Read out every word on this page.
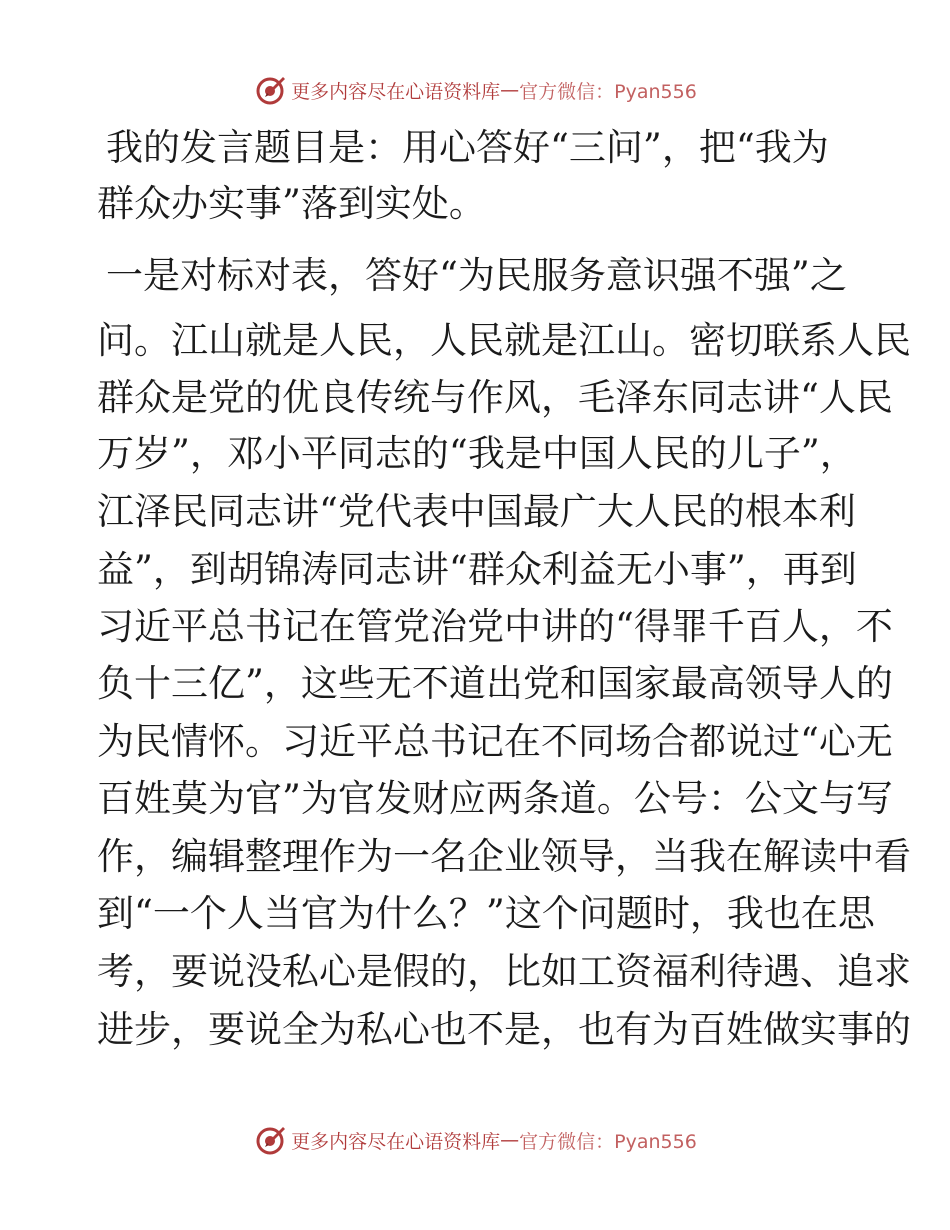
更多内容尽在心语资料库 — 官方微信：Pyan556
我的发言题目是：用心答好“三问”，把“我为
群众办实事”落到实处。
一是对标对表，答好“为民服务意识强不强”之
问。江山就是人民，人民就是江山。密切联系人民
群众是党的优良传统与作风，毛泽东同志讲“人民
万岁”，邓小平同志的“我是中国人民的儿子”，
江泽民同志讲“党代表中国最广大人民的根本利
益”，到胡锦涛同志讲“群众利益无小事”，再到
习近平总书记在管党治党中讲的“得罪千百人，不
负十三亿”，这些无不道出党和国家最高领导人的
为民情怀。习近平总书记在不同场合都说过“心无
百姓莫为官”为官发财应两条道。公号：公文与写
作，编辑整理作为一名企业领导，当我在解读中看
到“一个人当官为什么？”这个问题时，我也在思
考，要说没私心是假的，比如工资福利待遇、追求
进步，要说全为私心也不是，也有为百姓做实事的
更多内容尽在心语资料库 — 官方微信：Pyan556
